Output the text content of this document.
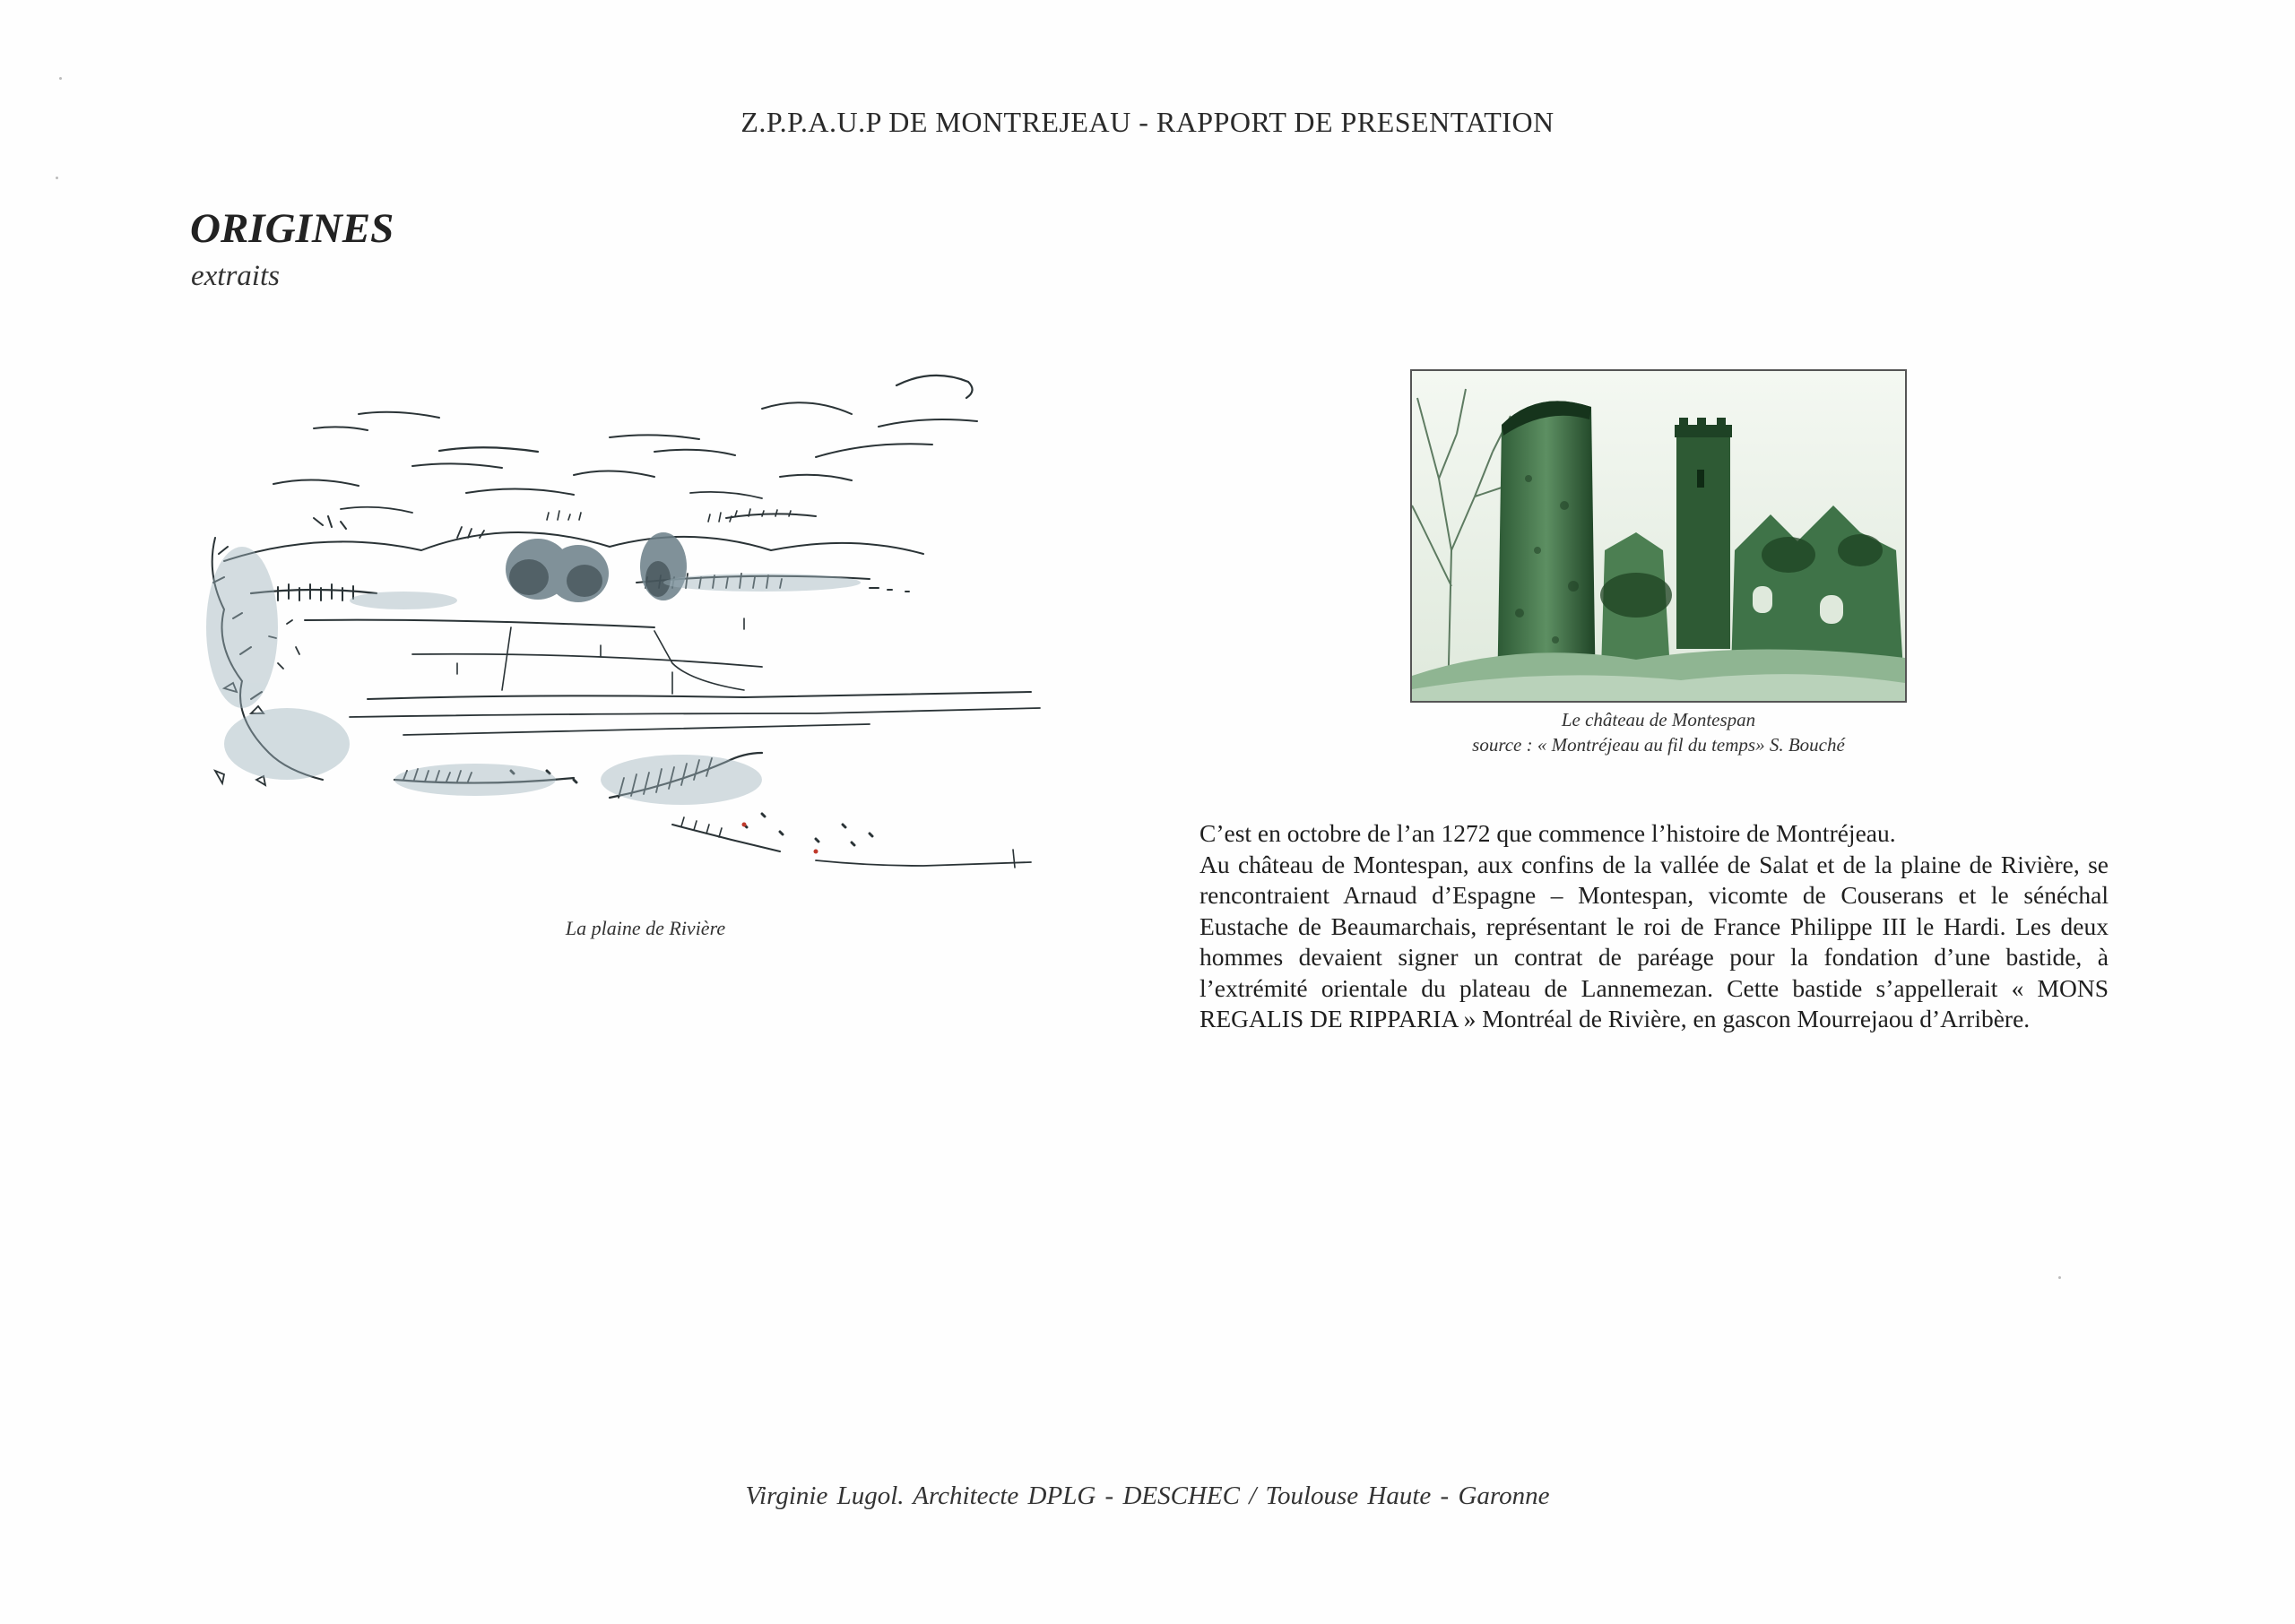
Z.P.P.A.U.P DE MONTREJEAU - RAPPORT DE PRESENTATION
ORIGINES
extraits
La plaine de Rivière
Le château de Montespan
source : « Montréjeau au fil du temps» S. Bouché

C’est en octobre de l’an 1272 que commence l’histoire de Montréjeau.

Au château de Montespan, aux confins de la vallée de Salat et de la plaine de Rivière, se rencontraient Arnaud d’Espagne – Montespan, vicomte de Couserans et le sénéchal Eustache de Beaumarchais, représentant le roi de France Philippe III le Hardi. Les deux hommes devaient signer un contrat de paréage pour la fondation d’une bastide, à l’extrémité orientale du plateau de Lannemezan. Cette bastide s’appellerait « MONS REGALIS DE RIPPARIA » Montréal de Rivière, en gascon Mourrejaou d’Arribère.

Virginie Lugol. Architecte DPLG - DESCHEC / Toulouse Haute - Garonne
